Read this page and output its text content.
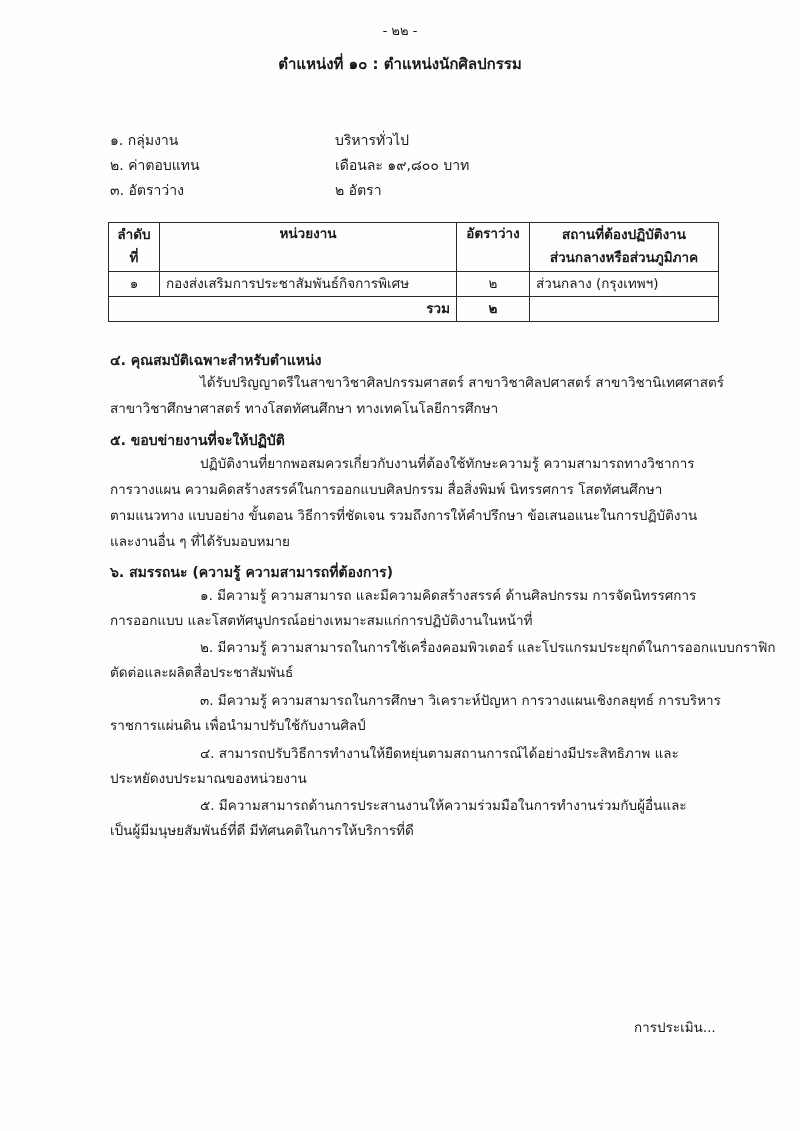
- ๒๒ -
ตำแหน่งที่ ๑๐ : ตำแหน่งนักศิลปกรรม
๑. กลุ่มงาน	บริหารทั่วไป
๒. ค่าตอบแทน	เดือนละ ๑๙,๘๐๐ บาท
๓. อัตราว่าง	๒ อัตรา
ลำดับ
ที่
	หน่วยงาน	อัตราว่าง	สถานที่ต้องปฏิบัติงาน
ส่วนกลางหรือส่วนภูมิภาค

๑	กองส่งเสริมการประชาสัมพันธ์กิจการพิเศษ	๒	ส่วนกลาง (กรุงเทพฯ)
รวม		๒	
๔. คุณสมบัติเฉพาะสำหรับตำแหน่ง
ได้รับปริญญาตรีในสาขาวิชาศิลปกรรมศาสตร์ สาขาวิชาศิลปศาสตร์ สาขาวิชานิเทศศาสตร์
สาขาวิชาศึกษาศาสตร์ ทางโสตทัศนศึกษา ทางเทคโนโลยีการศึกษา
๕. ขอบข่ายงานที่จะให้ปฏิบัติ
ปฏิบัติงานที่ยากพอสมควรเกี่ยวกับงานที่ต้องใช้ทักษะความรู้ ความสามารถทางวิชาการ
การวางแผน ความคิดสร้างสรรค์ในการออกแบบศิลปกรรม สื่อสิ่งพิมพ์ นิทรรศการ โสตทัศนศึกษา
ตามแนวทาง แบบอย่าง ขั้นตอน วิธีการที่ชัดเจน รวมถึงการให้คำปรึกษา ข้อเสนอแนะในการปฏิบัติงาน
และงานอื่น ๆ ที่ได้รับมอบหมาย
๖. สมรรถนะ (ความรู้ ความสามารถที่ต้องการ)
๑. มีความรู้ ความสามารถ และมีความคิดสร้างสรรค์ ด้านศิลปกรรม การจัดนิทรรศการ
การออกแบบ และโสตทัศนูปกรณ์อย่างเหมาะสมแก่การปฏิบัติงานในหน้าที่
๒. มีความรู้ ความสามารถในการใช้เครื่องคอมพิวเตอร์ และโปรแกรมประยุกต์ในการออกแบบกราฟิก
ตัดต่อและผลิตสื่อประชาสัมพันธ์
๓. มีความรู้ ความสามารถในการศึกษา วิเคราะห์ปัญหา การวางแผนเชิงกลยุทธ์ การบริหาร
ราชการแผ่นดิน เพื่อนำมาปรับใช้กับงานศิลป์
๔. สามารถปรับวิธีการทำงานให้ยืดหยุ่นตามสถานการณ์ได้อย่างมีประสิทธิภาพ และ
ประหยัดงบประมาณของหน่วยงาน
๕. มีความสามารถด้านการประสานงานให้ความร่วมมือในการทำงานร่วมกับผู้อื่นและ
เป็นผู้มีมนุษยสัมพันธ์ที่ดี มีทัศนคติในการให้บริการที่ดี
การประเมิน...
